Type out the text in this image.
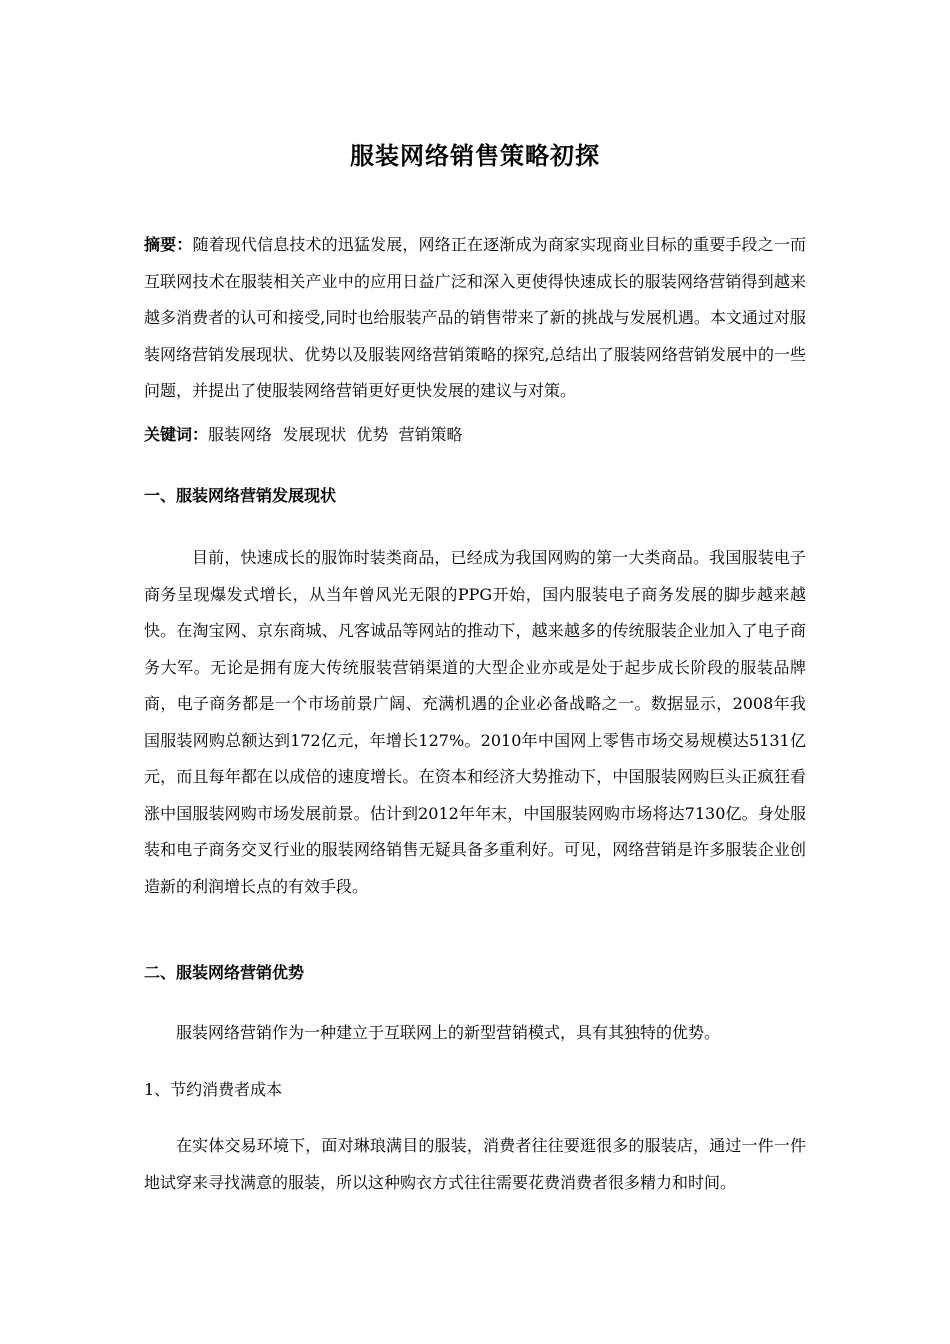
服装网络销售策略初探
摘要：随着现代信息技术的迅猛发展，网络正在逐渐成为商家实现商业目标的重要手段之一而互联网技术在服装相关产业中的应用日益广泛和深入更使得快速成长的服装网络营销得到越来越多消费者的认可和接受,同时也给服装产品的销售带来了新的挑战与发展机遇。本文通过对服装网络营销发展现状、优势以及服装网络营销策略的探究,总结出了服装网络营销发展中的一些问题，并提出了使服装网络营销更好更快发展的建议与对策。
关键词：服装网络  发展现状  优势  营销策略
一、服装网络营销发展现状
目前，快速成长的服饰时装类商品，已经成为我国网购的第一大类商品。我国服装电子商务呈现爆发式增长，从当年曾风光无限的PPG开始，国内服装电子商务发展的脚步越来越快。在淘宝网、京东商城、凡客诚品等网站的推动下，越来越多的传统服装企业加入了电子商务大军。无论是拥有庞大传统服装营销渠道的大型企业亦或是处于起步成长阶段的服装品牌商，电子商务都是一个市场前景广阔、充满机遇的企业必备战略之一。数据显示，2008年我国服装网购总额达到172亿元，年增长127%。2010年中国网上零售市场交易规模达5131亿元，而且每年都在以成倍的速度增长。在资本和经济大势推动下，中国服装网购巨头正疯狂看涨中国服装网购市场发展前景。估计到2012年年末，中国服装网购市场将达7130亿。身处服装和电子商务交叉行业的服装网络销售无疑具备多重利好。可见，网络营销是许多服装企业创造新的利润增长点的有效手段。
二、服装网络营销优势
服装网络营销作为一种建立于互联网上的新型营销模式，具有其独特的优势。
1、节约消费者成本
在实体交易环境下，面对琳琅满目的服装，消费者往往要逛很多的服装店，通过一件一件地试穿来寻找满意的服装，所以这种购衣方式往往需要花费消费者很多精力和时间。
